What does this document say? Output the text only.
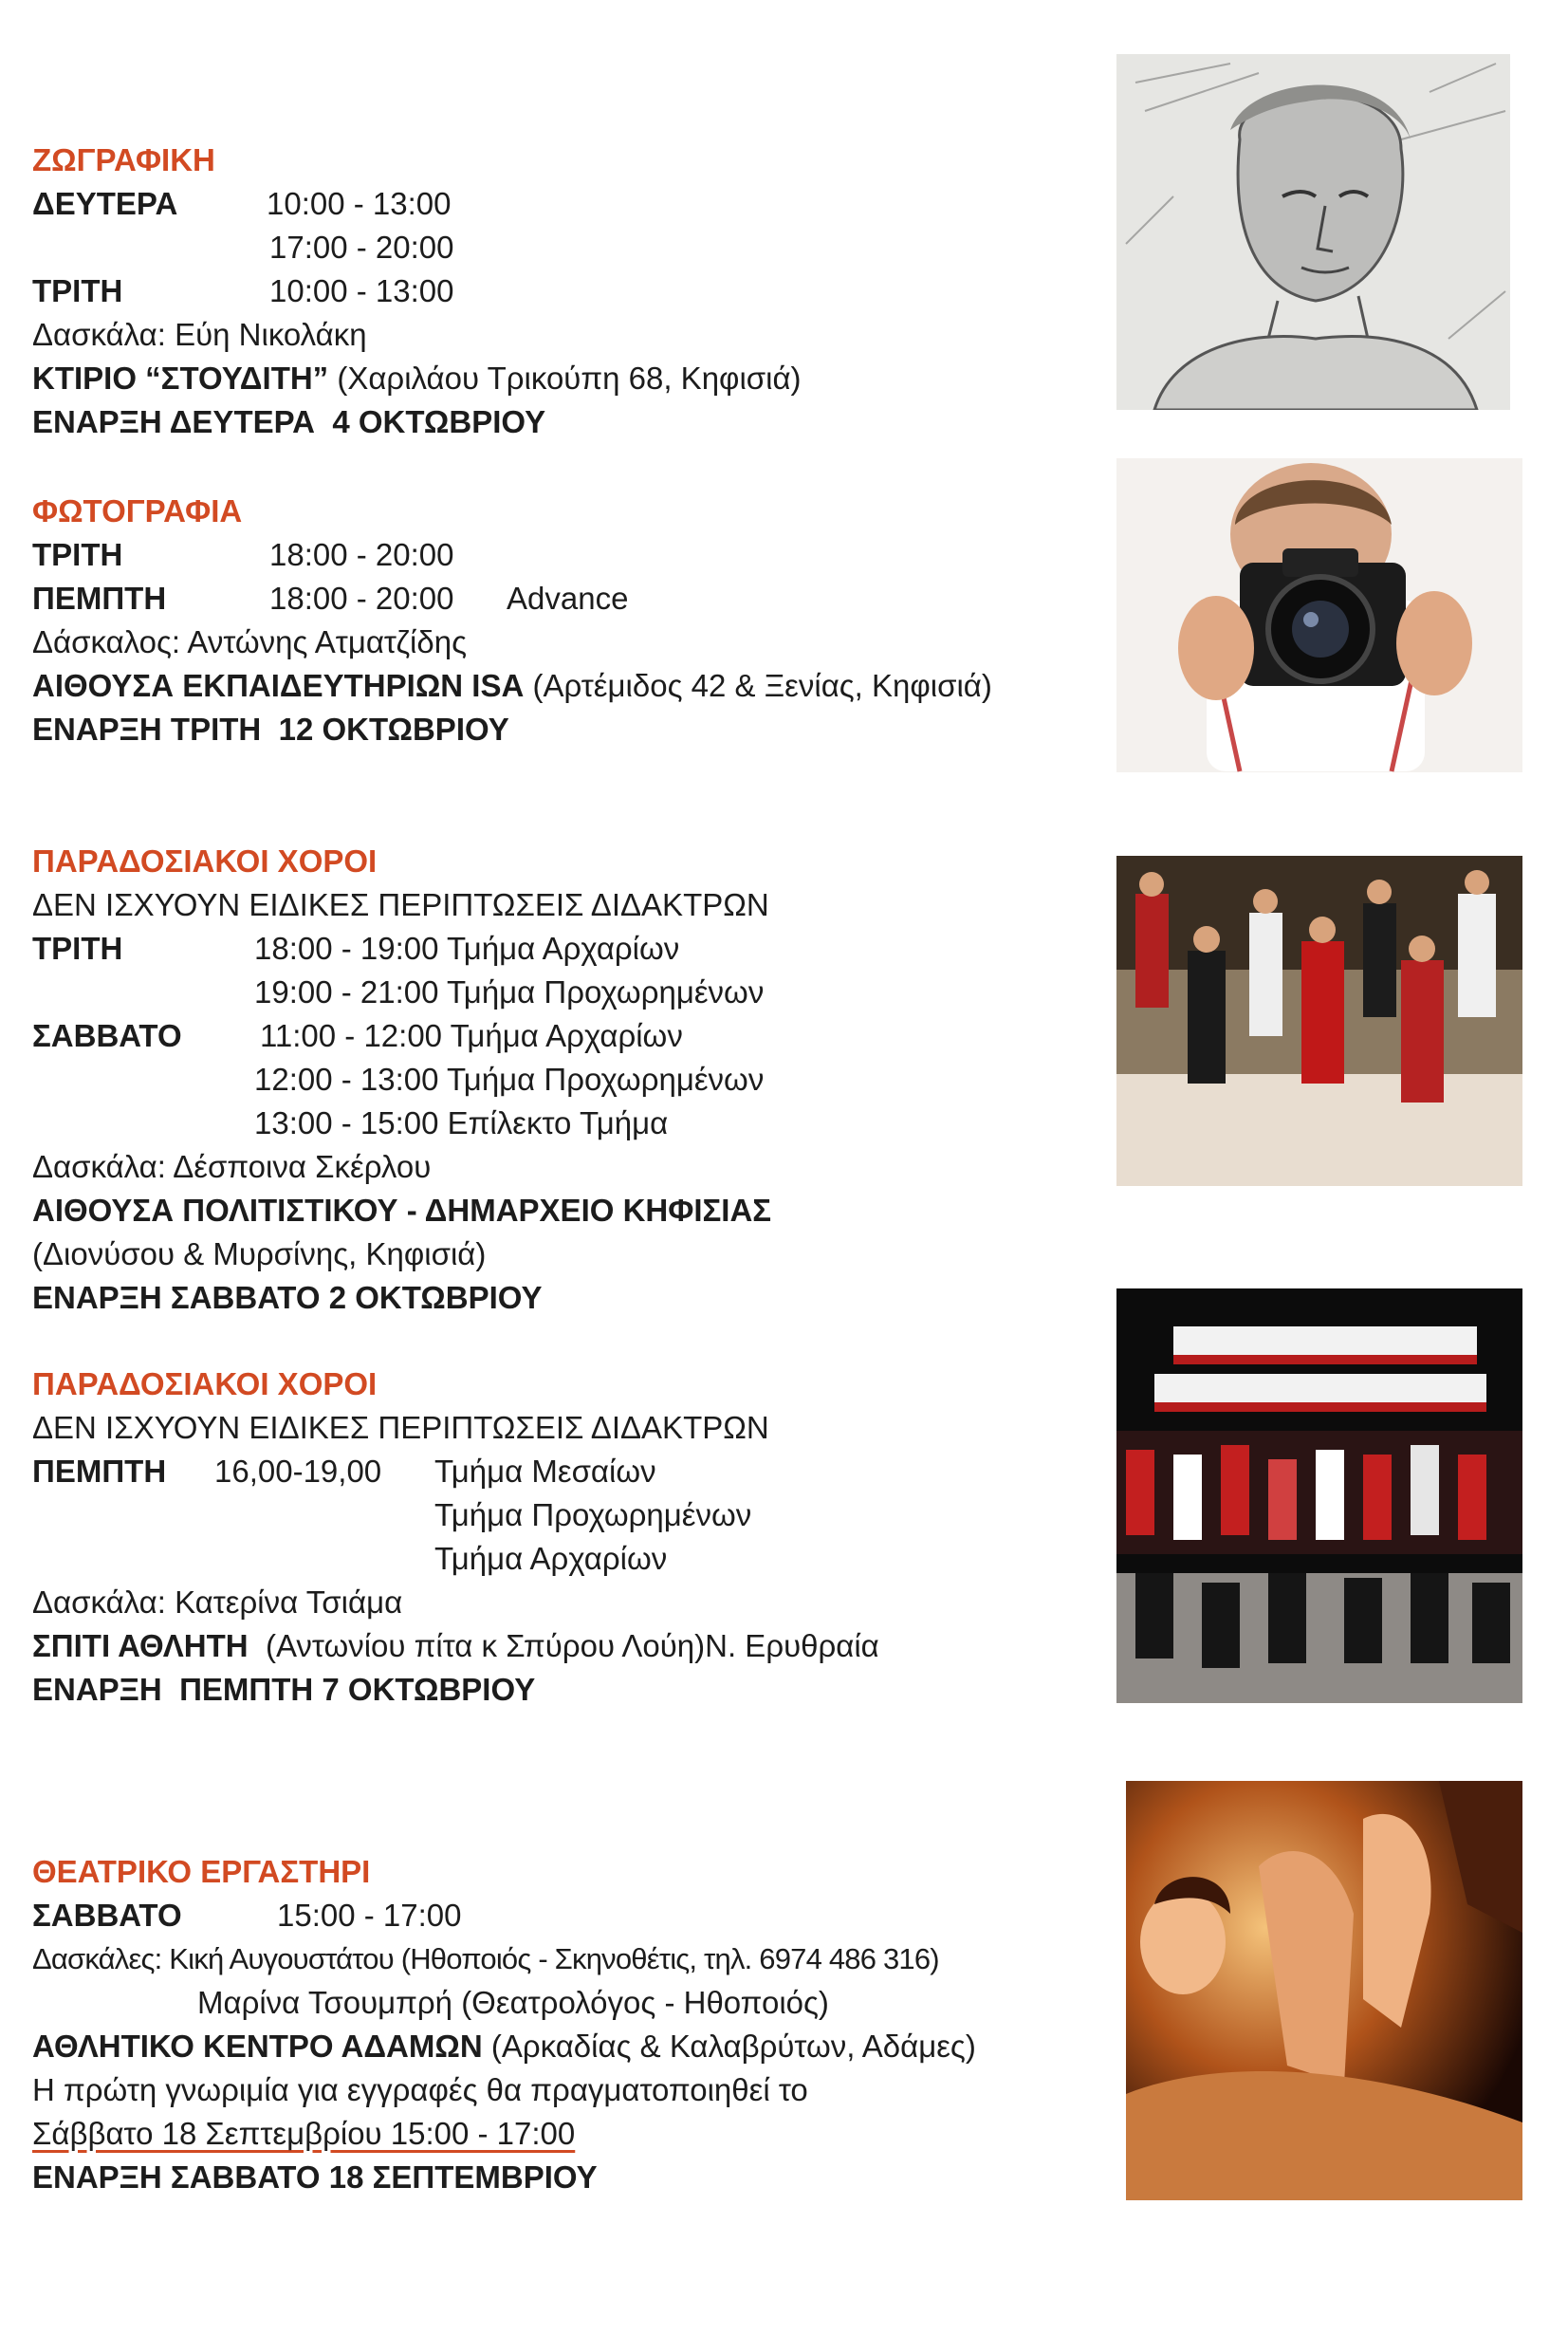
ΖΩΓΡΑΦΙΚΗ
ΔΕΥΤΕΡΑ	10:00 - 13:00
17:00 - 20:00
ΤΡΙΤΗ	10:00 - 13:00
Δασκάλα: Εύη Νικολάκη
ΚΤΙΡΙΟ “ΣΤΟΥΔΙΤΗ” (Χαριλάου Τρικούπη 68, Κηφισιά)
ΕΝΑΡΞΗ ΔΕΥΤΕΡΑ  4 ΟΚΤΩΒΡΙΟΥ
ΦΩΤΟΓΡΑΦΙΑ
ΤΡΙΤΗ	18:00 - 20:00
ΠΕΜΠΤΗ	18:00 - 20:00 Advance
Δάσκαλος: Αντώνης Ατματζίδης
ΑΙΘΟΥΣΑ ΕΚΠΑΙΔΕΥΤΗΡΙΩΝ ISA (Αρτέμιδος 42 & Ξενίας, Κηφισιά)
ΕΝΑΡΞΗ ΤΡΙΤΗ  12 ΟΚΤΩΒΡΙΟΥ
ΠΑΡΑΔΟΣΙΑΚΟΙ ΧΟΡΟΙ
ΔΕΝ ΙΣΧΥΟΥΝ ΕΙΔΙΚΕΣ ΠΕΡΙΠΤΩΣΕΙΣ ΔΙΔΑΚΤΡΩΝ
ΤΡΙΤΗ	18:00 - 19:00 Τμήμα Αρχαρίων
19:00 - 21:00 Τμήμα Προχωρημένων
ΣΑΒΒΑΤΟ 11:00 - 12:00 Τμήμα Αρχαρίων
12:00 - 13:00 Τμήμα Προχωρημένων
13:00 - 15:00 Επίλεκτο Τμήμα
Δασκάλα: Δέσποινα Σκέρλου
ΑΙΘΟΥΣΑ ΠΟΛΙΤΙΣΤΙΚΟΥ - ΔΗΜΑΡΧΕΙΟ ΚΗΦΙΣΙΑΣ
(Διονύσου & Μυρσίνης, Κηφισιά)
ΕΝΑΡΞΗ ΣΑΒΒΑΤΟ 2 ΟΚΤΩΒΡΙΟΥ
ΠΑΡΑΔΟΣΙΑΚΟΙ ΧΟΡΟΙ
ΔΕΝ ΙΣΧΥΟΥΝ ΕΙΔΙΚΕΣ ΠΕΡΙΠΤΩΣΕΙΣ ΔΙΔΑΚΤΡΩΝ
ΠΕΜΠΤΗ 16,00-19,00 Τμήμα Μεσαίων
Τμήμα Προχωρημένων
Τμήμα Αρχαρίων
Δασκάλα: Κατερίνα Τσιάμα
ΣΠΙΤΙ ΑΘΛΗΤΗ  (Αντωνίου πίτα κ Σπύρου Λούη)Ν. Ερυθραία
ΕΝΑΡΞΗ  ΠΕΜΠΤΗ 7 ΟΚΤΩΒΡΙΟΥ
ΘΕΑΤΡΙΚΟ ΕΡΓΑΣΤΗΡΙ
ΣΑΒΒΑΤΟ	15:00 - 17:00
Δασκάλες: Κική Αυγουστάτου (Ηθοποιός - Σκηνοθέτις, τηλ. 6974 486 316)
Μαρίνα Τσουμπρή (Θεατρολόγος - Ηθοποιός)
ΑΘΛΗΤΙΚΟ ΚΕΝΤΡΟ ΑΔΑΜΩΝ (Αρκαδίας & Καλαβρύτων, Αδάμες)
Η πρώτη γνωριμία για εγγραφές θα πραγματοποιηθεί το
Σάββατο 18 Σεπτεμβρίου 15:00 - 17:00
ΕΝΑΡΞΗ ΣΑΒΒΑΤΟ 18 ΣΕΠΤΕΜΒΡΙΟΥ
